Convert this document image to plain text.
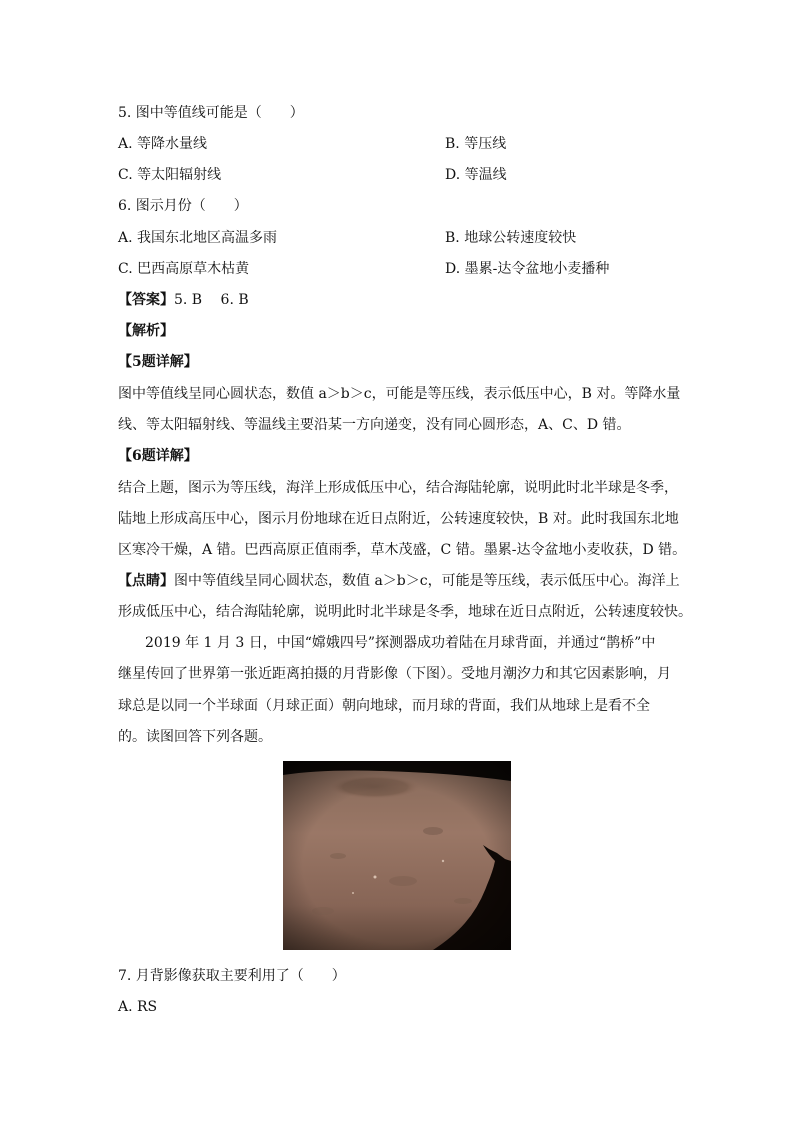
5. 图中等值线可能是（　　）
A. 等降水量线	B. 等压线
C. 等太阳辐射线	D. 等温线
6. 图示月份（　　）
A. 我国东北地区高温多雨	B. 地球公转速度较快
C. 巴西高原草木枯黄	D. 墨累-达令盆地小麦播种
【答案】5. B　 6. B
【解析】
【5题详解】
图中等值线呈同心圆状态，数值 a＞b＞c，可能是等压线，表示低压中心，B 对。等降水量
线、等太阳辐射线、等温线主要沿某一方向递变，没有同心圆形态，A、C、D 错。
【6题详解】
结合上题，图示为等压线，海洋上形成低压中心，结合海陆轮廓，说明此时北半球是冬季，
陆地上形成高压中心，图示月份地球在近日点附近，公转速度较快，B 对。此时我国东北地
区寒冷干燥，A 错。巴西高原正值雨季，草木茂盛，C 错。墨累-达令盆地小麦收获，D 错。
【点睛】图中等值线呈同心圆状态，数值 a＞b＞c，可能是等压线，表示低压中心。海洋上
形成低压中心，结合海陆轮廓，说明此时北半球是冬季，地球在近日点附近，公转速度较快。
2019 年 1 月 3 日，中国“嫦娥四号”探测器成功着陆在月球背面，并通过“鹊桥”中
继星传回了世界第一张近距离拍摄的月背影像（下图）。受地月潮汐力和其它因素影响，月
球总是以同一个半球面（月球正面）朝向地球，而月球的背面，我们从地球上是看不全
的。读图回答下列各题。
7. 月背影像获取主要利用了（　　）
A. RS
